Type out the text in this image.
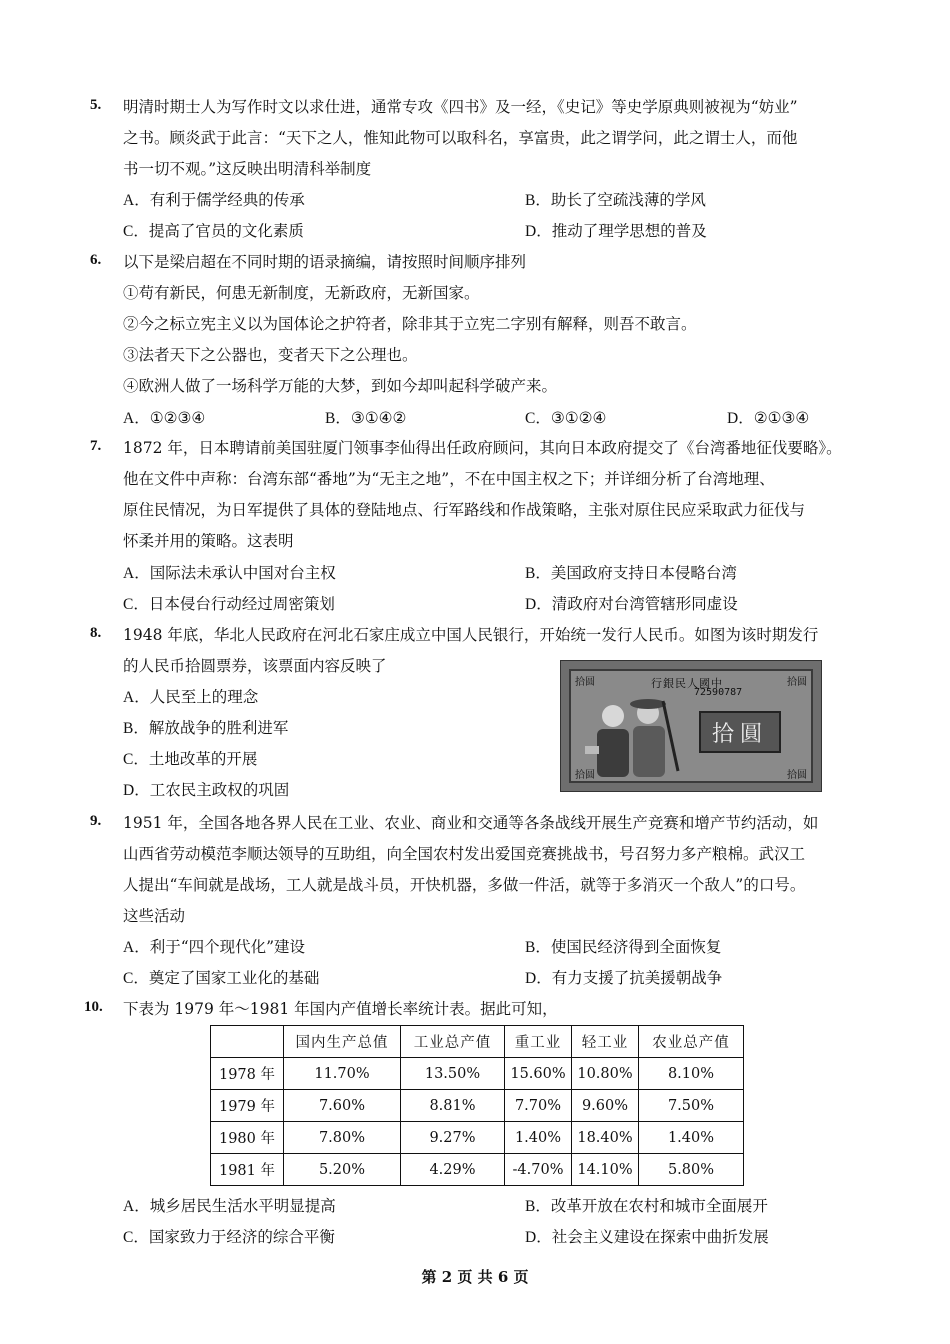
5. 明清时期士人为写作时文以求仕进，通常专攻《四书》及一经，《史记》等史学原典则被视为“妨业”
之书。顾炎武于此言：“天下之人，惟知此物可以取科名，享富贵，此之谓学问，此之谓士人，而他
书一切不观。”这反映出明清科举制度
A．有利于儒学经典的传承	B．助长了空疏浅薄的学风
C．提高了官员的文化素质	D．推动了理学思想的普及
6. 以下是梁启超在不同时期的语录摘编，请按照时间顺序排列
①苟有新民，何患无新制度，无新政府，无新国家。
②今之标立宪主义以为国体论之护符者，除非其于立宪二字别有解释，则吾不敢言。
③法者天下之公器也，变者天下之公理也。
④欧洲人做了一场科学万能的大梦，到如今却叫起科学破产来。
A．①②③④	B．③①④②	C．③①②④	D．②①③④
7. 1872 年，日本聘请前美国驻厦门领事李仙得出任政府顾问，其向日本政府提交了《台湾番地征伐要略》。
他在文件中声称：台湾东部“番地”为“无主之地”，不在中国主权之下；并详细分析了台湾地理、
原住民情况，为日军提供了具体的登陆地点、行军路线和作战策略，主张对原住民应采取武力征伐与
怀柔并用的策略。这表明
A．国际法未承认中国对台主权	B．美国政府支持日本侵略台湾
C．日本侵台行动经过周密策划	D．清政府对台湾管辖形同虚设
8. 1948 年底，华北人民政府在河北石家庄成立中国人民银行，开始统一发行人民币。如图为该时期发行
的人民币拾圆票券，该票面内容反映了
A．人民至上的理念
B．解放战争的胜利进军
C．土地改革的开展
D．工农民主政权的巩固
拾圆	拾圆
拾圆	拾圆
行銀民人國中
72590787
拾圓
9. 1951 年，全国各地各界人民在工业、农业、商业和交通等各条战线开展生产竞赛和增产节约活动，如
山西省劳动模范李顺达领导的互助组，向全国农村发出爱国竞赛挑战书，号召努力多产粮棉。武汉工
人提出“车间就是战场，工人就是战斗员，开快机器，多做一件活，就等于多消灭一个敌人”的口号。
这些活动
A．利于“四个现代化”建设	B．使国民经济得到全面恢复
C．奠定了国家工业化的基础	D．有力支援了抗美援朝战争
10. 下表为 1979 年～1981 年国内产值增长率统计表。据此可知，
	国内生产总值	工业总产值	重工业	轻工业	农业总产值
1978 年	11.70%	13.50%	15.60%	10.80%	8.10%
1979 年	7.60%	8.81%	7.70%	9.60%	7.50%
1980 年	7.80%	9.27%	1.40%	18.40%	1.40%
1981 年	5.20%	4.29%	-4.70%	14.10%	5.80%
A．城乡居民生活水平明显提高	B．改革开放在农村和城市全面展开
C．国家致力于经济的综合平衡	D．社会主义建设在探索中曲折发展
第 2 页 共 6 页
